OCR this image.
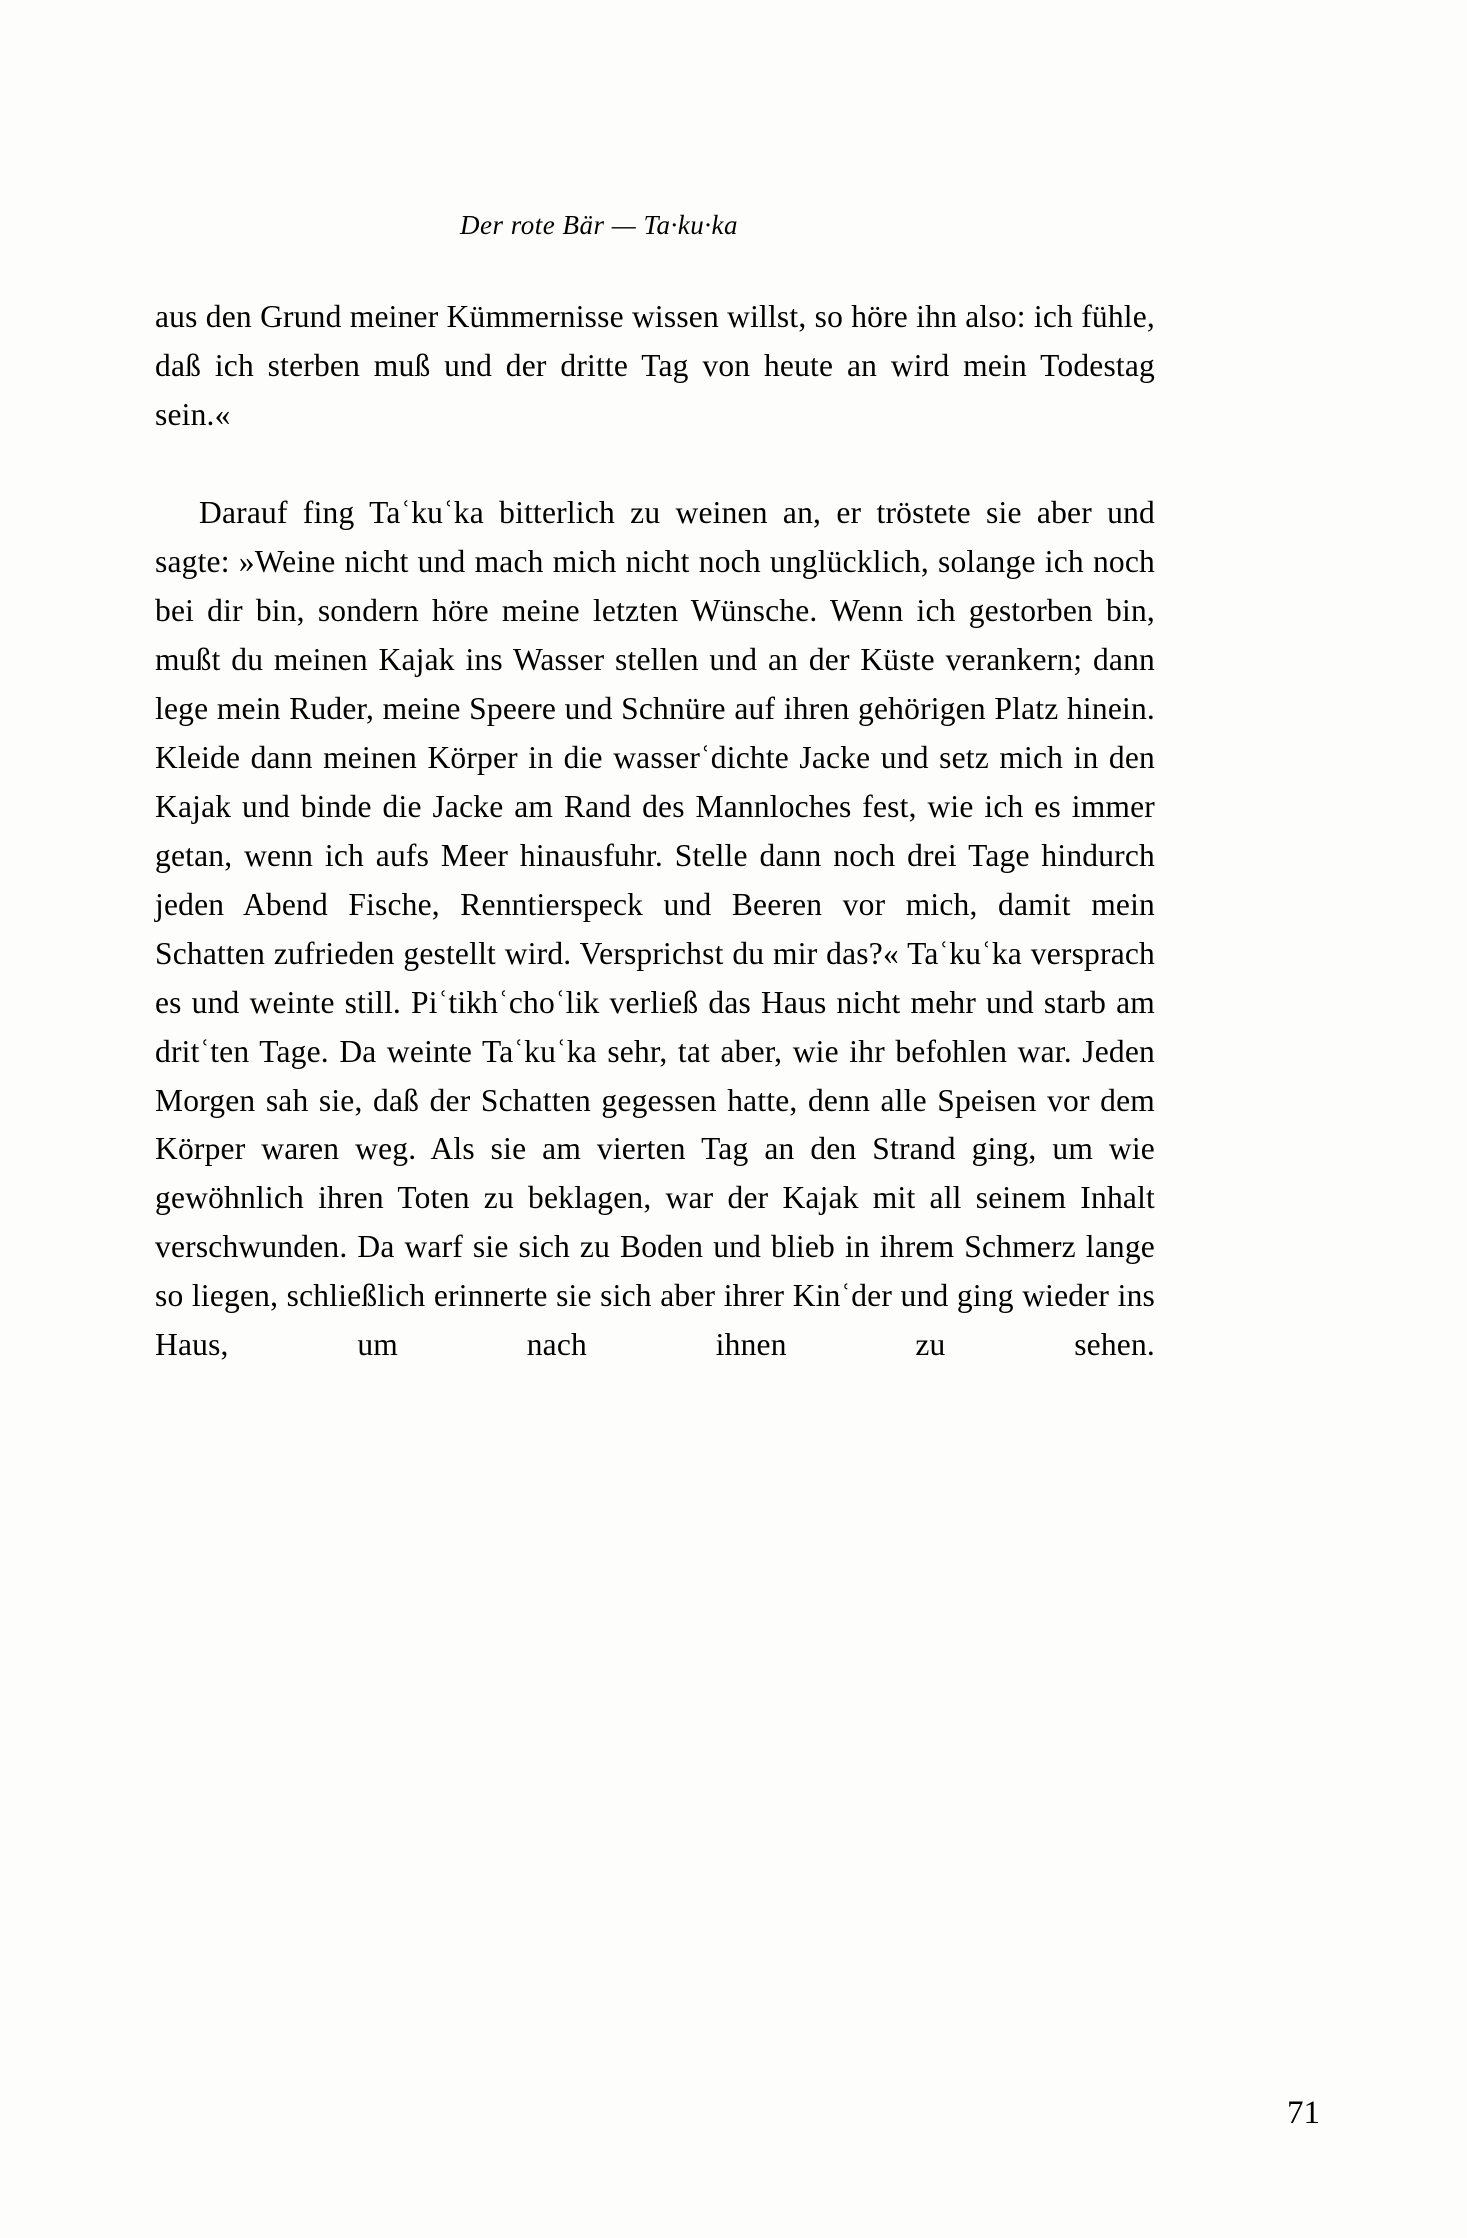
Der rote Bär — Ta·ku·ka

aus den Grund meiner Kümmernisse wissen willst, so höre ihn also: ich fühle, daß ich sterben muß und der dritte Tag von heute an wird mein Todestag sein.«

Darauf fing Taʿkuʿka bitterlich zu weinen an, er tröstete sie aber und sagte: »Weine nicht und mach mich nicht noch unglücklich, solange ich noch bei dir bin, sondern höre meine letzten Wünsche. Wenn ich gestorben bin, mußt du meinen Kajak ins Wasser stellen und an der Küste verankern; dann lege mein Ruder, meine Speere und Schnüre auf ihren gehörigen Platz hinein. Kleide dann meinen Körper in die wasserʿdichte Jacke und setz mich in den Kajak und binde die Jacke am Rand des Mannloches fest, wie ich es immer getan, wenn ich aufs Meer hinausfuhr. Stelle dann noch drei Tage hindurch jeden Abend Fische, Renntierspeck und Beeren vor mich, damit mein Schatten zufrieden gestellt wird. Versprichst du mir das?« Taʿkuʿka versprach es und weinte still. Piʿtikhʿchoʿlik verließ das Haus nicht mehr und starb am dritʿten Tage. Da weinte Taʿkuʿka sehr, tat aber, wie ihr befohlen war. Jeden Morgen sah sie, daß der Schatten gegessen hatte, denn alle Speisen vor dem Körper waren weg. Als sie am vierten Tag an den Strand ging, um wie gewöhnlich ihren Toten zu beklagen, war der Kajak mit all seinem Inhalt verschwunden. Da warf sie sich zu Boden und blieb in ihrem Schmerz lange so liegen, schließlich erinnerte sie sich aber ihrer Kinʿder und ging wieder ins Haus, um nach ihnen zu sehen.

71
